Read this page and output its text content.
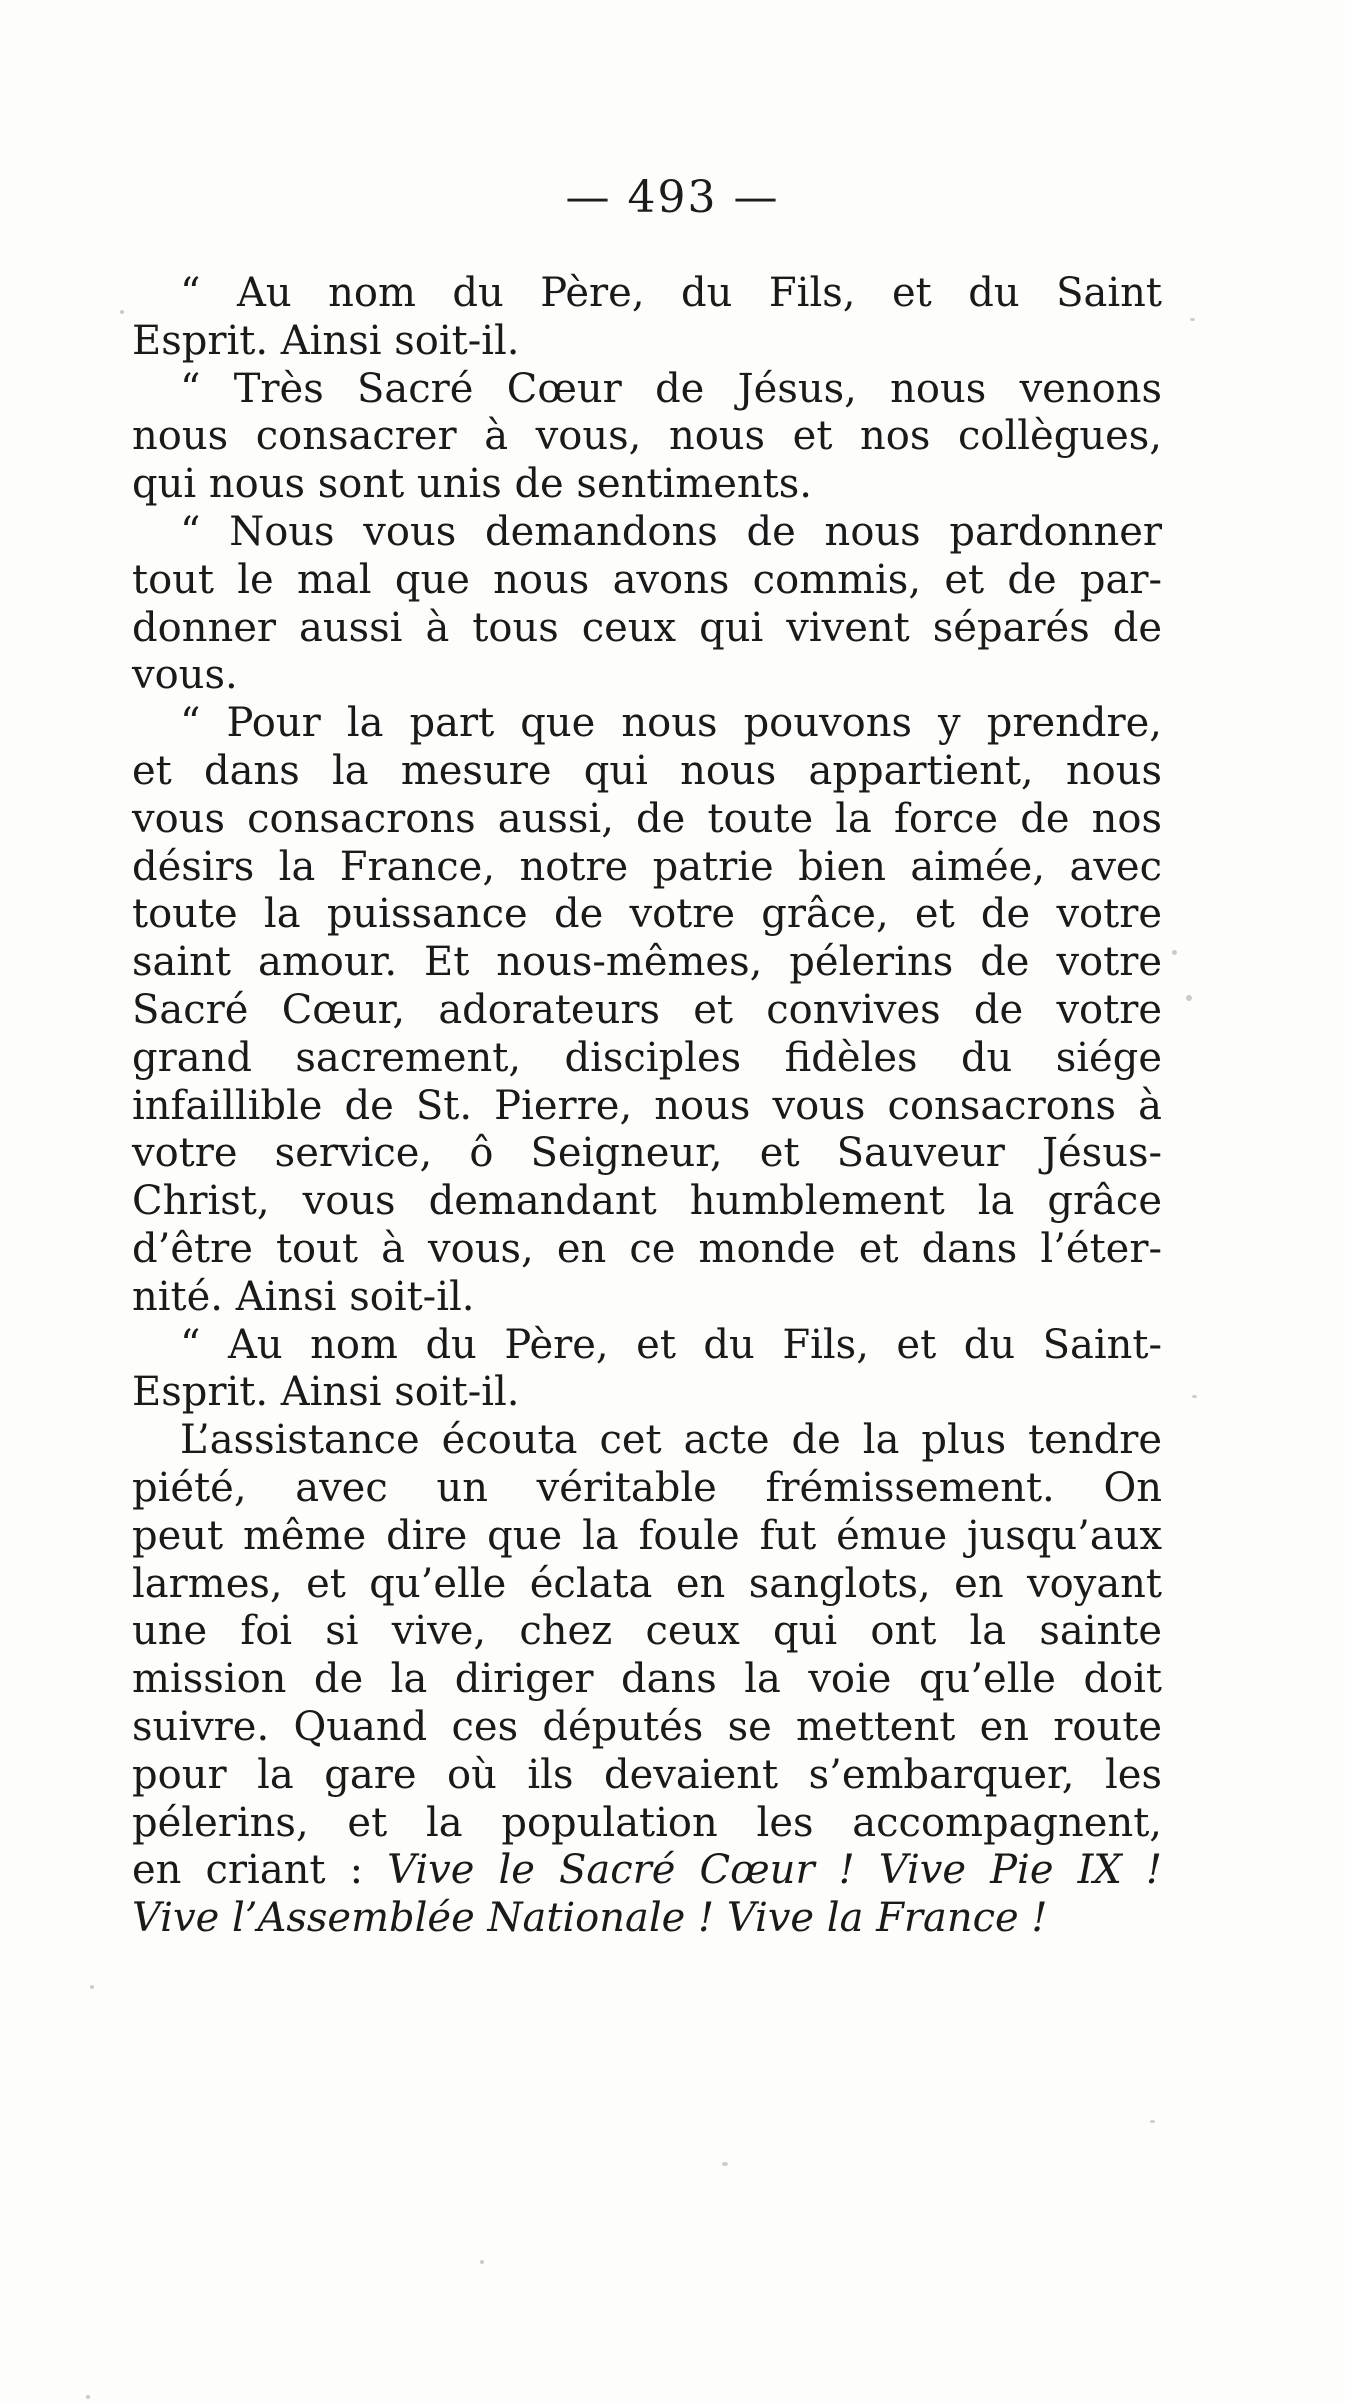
— 493 —
“ Au nom du Père, du Fils, et du Saint
Esprit. Ainsi soit-il.
“ Très Sacré Cœur de Jésus, nous venons
nous consacrer à vous, nous et nos collègues,
qui nous sont unis de sentiments.
“ Nous vous demandons de nous pardonner
tout le mal que nous avons commis, et de par-
donner aussi à tous ceux qui vivent séparés de
vous.
“ Pour la part que nous pouvons y prendre,
et dans la mesure qui nous appartient, nous
vous consacrons aussi, de toute la force de nos
désirs la France, notre patrie bien aimée, avec
toute la puissance de votre grâce, et de votre
saint amour. Et nous-mêmes, pélerins de votre
Sacré Cœur, adorateurs et convives de votre
grand sacrement, disciples fidèles du siége
infaillible de St. Pierre, nous vous consacrons à
votre service, ô Seigneur, et Sauveur Jésus-
Christ, vous demandant humblement la grâce
d’être tout à vous, en ce monde et dans l’éter-
nité. Ainsi soit-il.
“ Au nom du Père, et du Fils, et du Saint-
Esprit. Ainsi soit-il.
L’assistance écouta cet acte de la plus tendre
piété, avec un véritable frémissement. On
peut même dire que la foule fut émue jusqu’aux
larmes, et qu’elle éclata en sanglots, en voyant
une foi si vive, chez ceux qui ont la sainte
mission de la diriger dans la voie qu’elle doit
suivre. Quand ces députés se mettent en route
pour la gare où ils devaient s’embarquer, les
pélerins, et la population les accompagnent,
en criant : Vive le Sacré Cœur ! Vive Pie IX !
Vive l’Assemblée Nationale ! Vive la France !
